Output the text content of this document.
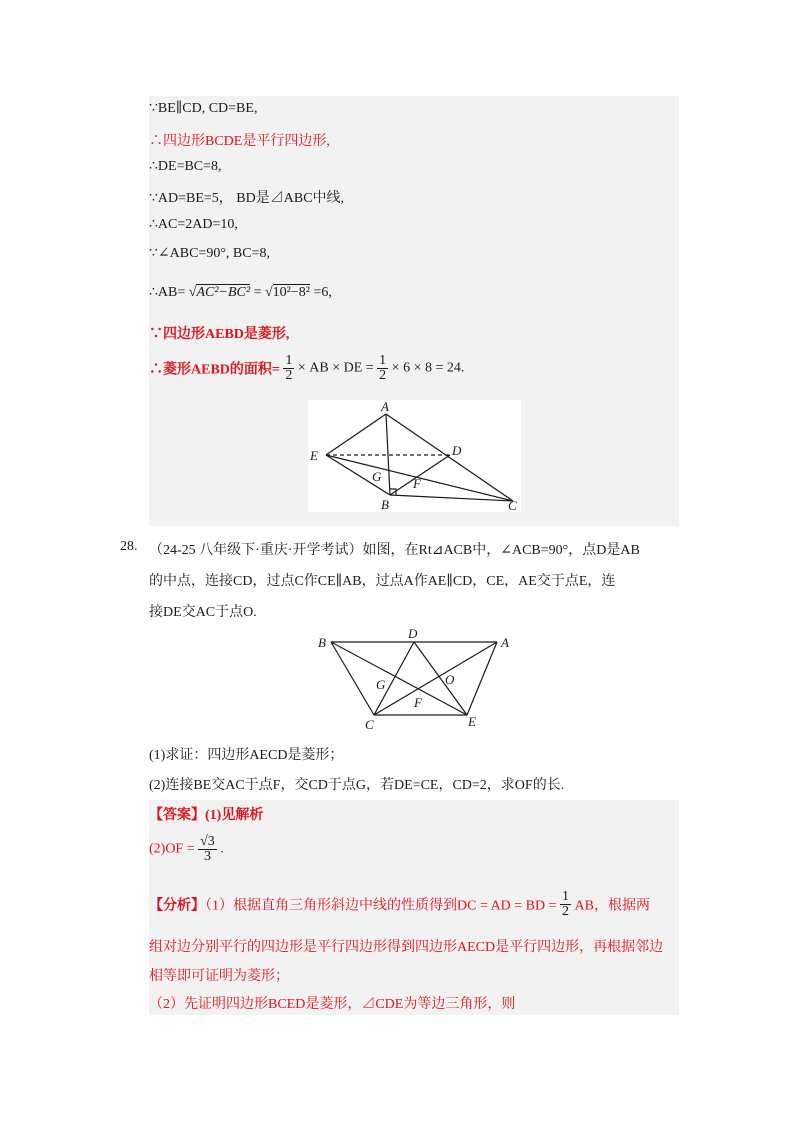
∵BE∥CD, CD=BE,
∴四边形BCDE是平行四边形,
∴DE=BC=8,
∵AD=BE=5， BD是⊿ABC中线,
∴AC=2AD=10,
∵∠ABC=90°, BC=8,
∴AB= √AC²−BC² = √10²−8² =6,
∵四边形AEBD是菱形,
∴菱形AEBD的面积= $\frac{1}{2}$ × AB × DE = $\frac{1}{2} \times 6 \times 8 = 24$.
A
D
E
G F
B	C
28. （24-25 八年级下·重庆·开学考试）如图，在Rt⊿ACB中，∠ACB=90°，点D是AB
的中点，连接CD，过点C作CE∥AB，过点A作AE∥CD，CE，AE交于点E，连
接DE交AC于点O.
B
D
A
G	O
F
C	E
(1)求证：四边形AECD是菱形；
(2)连接BE交AC于点F，交CD于点G，若DE=CE，CD=2，求OF的长.
【答案】(1)见解析
$(2)OF = \frac{√3}{3}$ .
【分析】（1）根据直角三角形斜边中线的性质得到DC = AD = BD = $\frac{1}{2}$ AB，根据两
组对边分别平行的四边形是平行四边形得到四边形AECD是平行四边形，再根据邻边
相等即可证明为菱形；
（2）先证明四边形BCED是菱形，⊿CDE为等边三角形，则
